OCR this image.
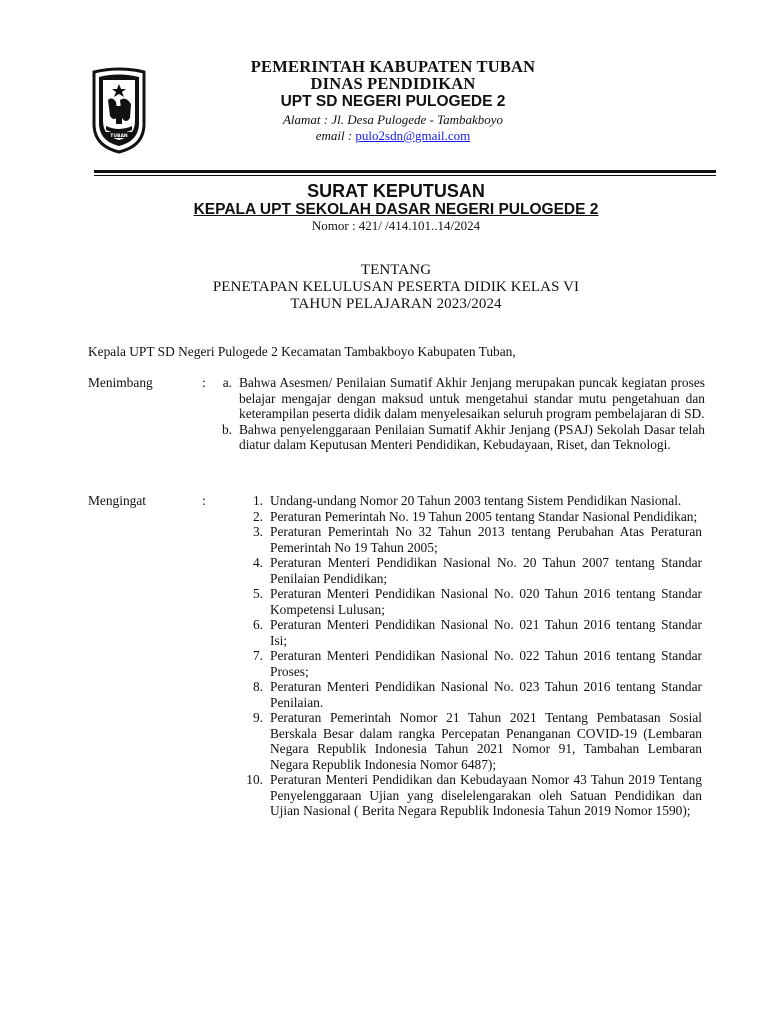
TUBAN
PEMERINTAH KABUPATEN TUBAN
DINAS PENDIDIKAN
UPT SD NEGERI PULOGEDE 2
Alamat : Jl. Desa Pulogede - Tambakboyo
email : pulo2sdn@gmail.com
SURAT KEPUTUSAN
KEPALA UPT SEKOLAH DASAR NEGERI PULOGEDE 2
Nomor : 421/ /414.101..14/2024
TENTANG
PENETAPAN KELULUSAN PESERTA DIDIK KELAS VI
TAHUN PELAJARAN 2023/2024
Kepala UPT SD Negeri Pulogede 2 Kecamatan Tambakboyo Kabupaten Tuban,
Menimbang	:	a. Bahwa Asesmen/ Penilaian Sumatif Akhir Jenjang merupakan puncak kegiatan proses belajar mengajar dengan maksud untuk mengetahui standar mutu pengetahuan dan keterampilan peserta didik dalam menyelesaikan seluruh program pembelajaran di SD.
b. Bahwa penyelenggaraan Penilaian Sumatif Akhir Jenjang (PSAJ) Sekolah Dasar telah diatur dalam Keputusan Menteri Pendidikan, Kebudayaan, Riset, dan Teknologi.
Mengingat	:	1. Undang-undang Nomor 20 Tahun 2003 tentang Sistem Pendidikan Nasional.
2. Peraturan Pemerintah No. 19 Tahun 2005 tentang Standar Nasional Pendidikan;
3. Peraturan Pemerintah No 32 Tahun 2013 tentang Perubahan Atas Peraturan Pemerintah No 19 Tahun 2005;
4. Peraturan Menteri Pendidikan Nasional No. 20 Tahun 2007 tentang Standar Penilaian Pendidikan;
5. Peraturan Menteri Pendidikan Nasional No. 020 Tahun 2016 tentang Standar Kompetensi Lulusan;
6. Peraturan Menteri Pendidikan Nasional No. 021 Tahun 2016 tentang Standar Isi;
7. Peraturan Menteri Pendidikan Nasional No. 022 Tahun 2016 tentang Standar Proses;
8. Peraturan Menteri Pendidikan Nasional No. 023 Tahun 2016 tentang Standar Penilaian.
9. Peraturan Pemerintah Nomor 21 Tahun 2021 Tentang Pembatasan Sosial Berskala Besar dalam rangka Percepatan Penanganan COVID-19 (Lembaran Negara Republik Indonesia Tahun 2021 Nomor 91, Tambahan Lembaran Negara Republik Indonesia Nomor 6487);
10. Peraturan Menteri Pendidikan dan Kebudayaan Nomor 43 Tahun 2019 Tentang Penyelenggaraan Ujian yang diselelengarakan oleh Satuan Pendidikan dan Ujian Nasional ( Berita Negara Republik Indonesia Tahun 2019 Nomor 1590);
